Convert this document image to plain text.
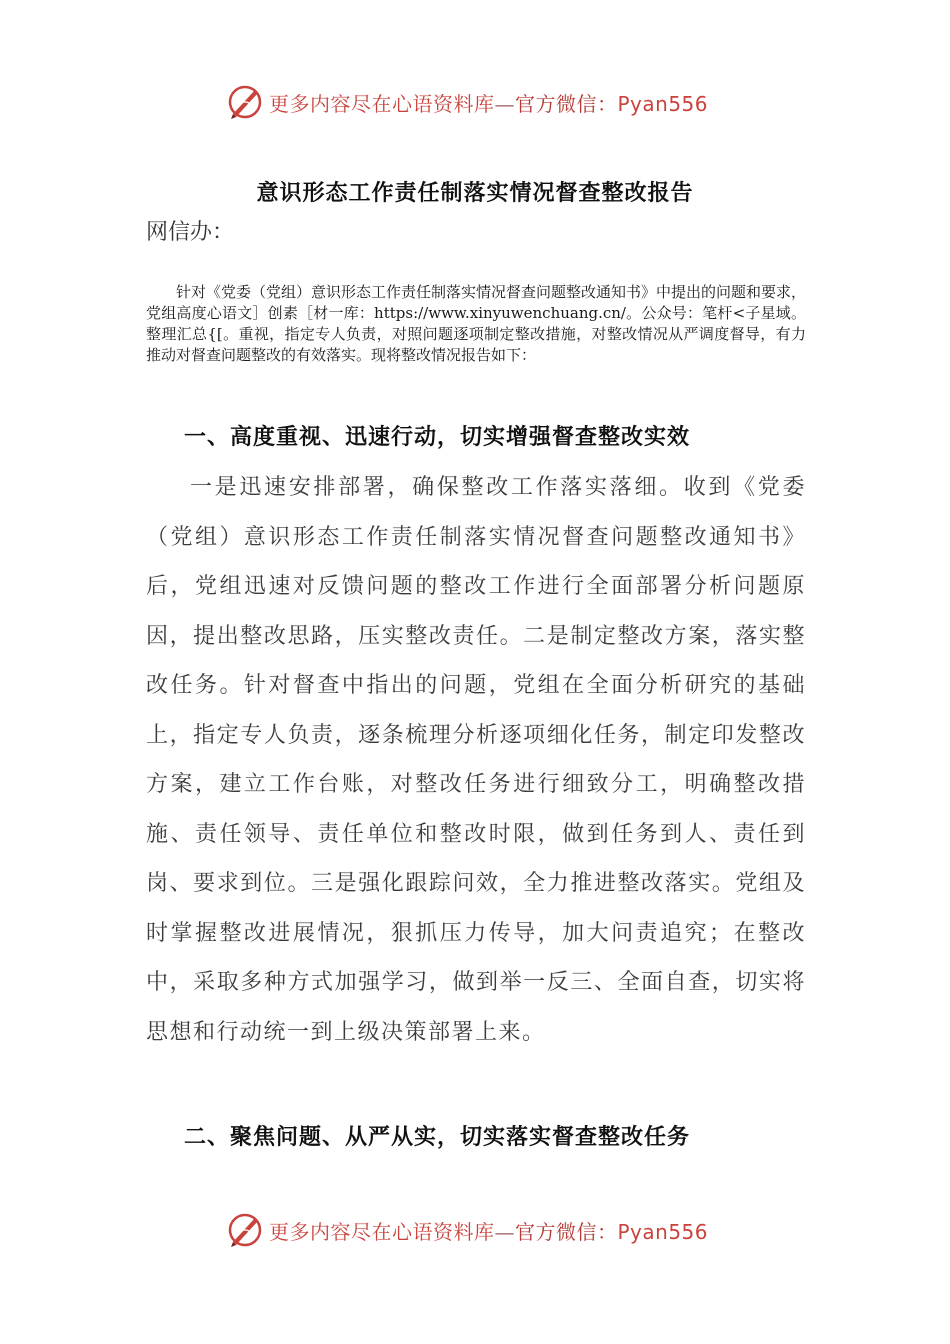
更多内容尽在心语资料库—官方微信：Pyan556
意识形态工作责任制落实情况督查整改报告
网信办：

针对《党委（党组）意识形态工作责任制落实情况督查问题整改通知书》中提出的问题和要求，党组高度心语文］创素［材一库：https://www.xinyuwenchuang.cn/。公众号：笔杆<子星域。整理汇总{[。重视，指定专人负责，对照问题逐项制定整改措施，对整改情况从严调度督导，有力推动对督查问题整改的有效落实。现将整改情况报告如下：

一、高度重视、迅速行动，切实增强督查整改实效

一是迅速安排部署，确保整改工作落实落细。收到《党委（党组）意识形态工作责任制落实情况督查问题整改通知书》后，党组迅速对反馈问题的整改工作进行全面部署分析问题原因，提出整改思路，压实整改责任。二是制定整改方案，落实整改任务。针对督查中指出的问题，党组在全面分析研究的基础上，指定专人负责，逐条梳理分析逐项细化任务，制定印发整改方案，建立工作台账，对整改任务进行细致分工，明确整改措施、责任领导、责任单位和整改时限，做到任务到人、责任到岗、要求到位。三是强化跟踪问效，全力推进整改落实。党组及时掌握整改进展情况，狠抓压力传导，加大问责追究；在整改中，采取多种方式加强学习，做到举一反三、全面自查，切实将思想和行动统一到上级决策部署上来。

二、聚焦问题、从严从实，切实落实督查整改任务
更多内容尽在心语资料库—官方微信：Pyan556
